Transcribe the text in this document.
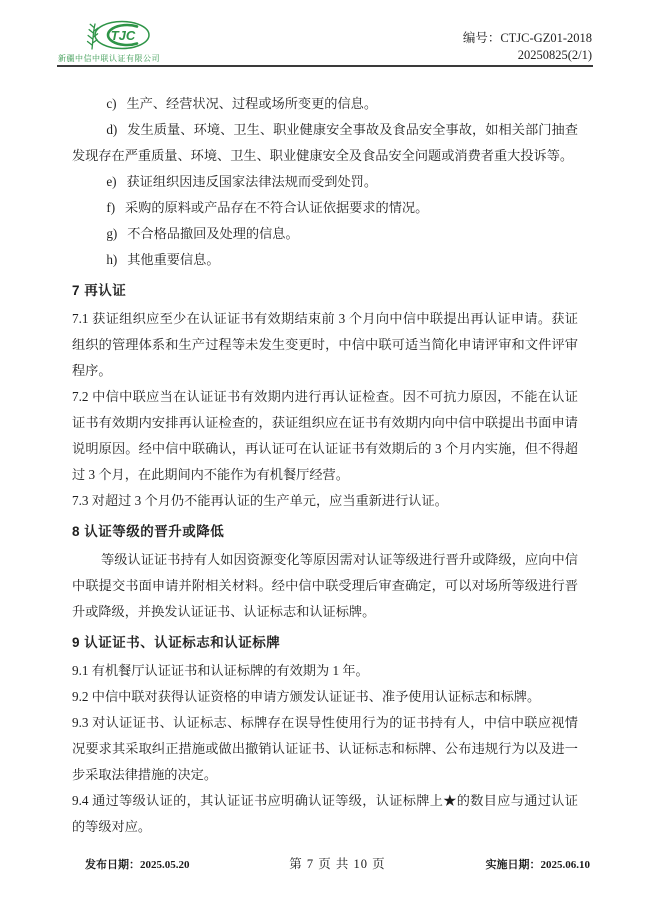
TJC
新疆中信中联认证有限公司
编号：CTJC-GZ01-2018
20250825(2/1)

c) 生产、经营状况、过程或场所变更的信息。

d) 发生质量、环境、卫生、职业健康安全事故及食品安全事故，如相关部门抽查发现存在严重质量、环境、卫生、职业健康安全及食品安全问题或消费者重大投诉等。

e) 获证组织因违反国家法律法规而受到处罚。

f) 采购的原料或产品存在不符合认证依据要求的情况。

g) 不合格品撤回及处理的信息。

h) 其他重要信息。

7 再认证

7.1 获证组织应至少在认证证书有效期结束前 3 个月向中信中联提出再认证申请。获证组织的管理体系和生产过程等未发生变更时，中信中联可适当简化申请评审和文件评审程序。

7.2 中信中联应当在认证证书有效期内进行再认证检查。因不可抗力原因，不能在认证证书有效期内安排再认证检查的，获证组织应在证书有效期内向中信中联提出书面申请说明原因。经中信中联确认，再认证可在认证证书有效期后的 3 个月内实施，但不得超过 3 个月，在此期间内不能作为有机餐厅经营。

7.3 对超过 3 个月仍不能再认证的生产单元，应当重新进行认证。

8 认证等级的晋升或降低

等级认证证书持有人如因资源变化等原因需对认证等级进行晋升或降级，应向中信中联提交书面申请并附相关材料。经中信中联受理后审查确定，可以对场所等级进行晋升或降级，并换发认证证书、认证标志和认证标牌。

9 认证证书、认证标志和认证标牌

9.1 有机餐厅认证证书和认证标牌的有效期为 1 年。

9.2 中信中联对获得认证资格的申请方颁发认证证书、准予使用认证标志和标牌。

9.3 对认证证书、认证标志、标牌存在误导性使用行为的证书持有人，中信中联应视情况要求其采取纠正措施或做出撤销认证证书、认证标志和标牌、公布违规行为以及进一步采取法律措施的决定。

9.4 通过等级认证的，其认证证书应明确认证等级，认证标牌上★的数目应与通过认证的等级对应。

发布日期：2025.05.20	第 7 页 共 10 页	实施日期：2025.06.10
